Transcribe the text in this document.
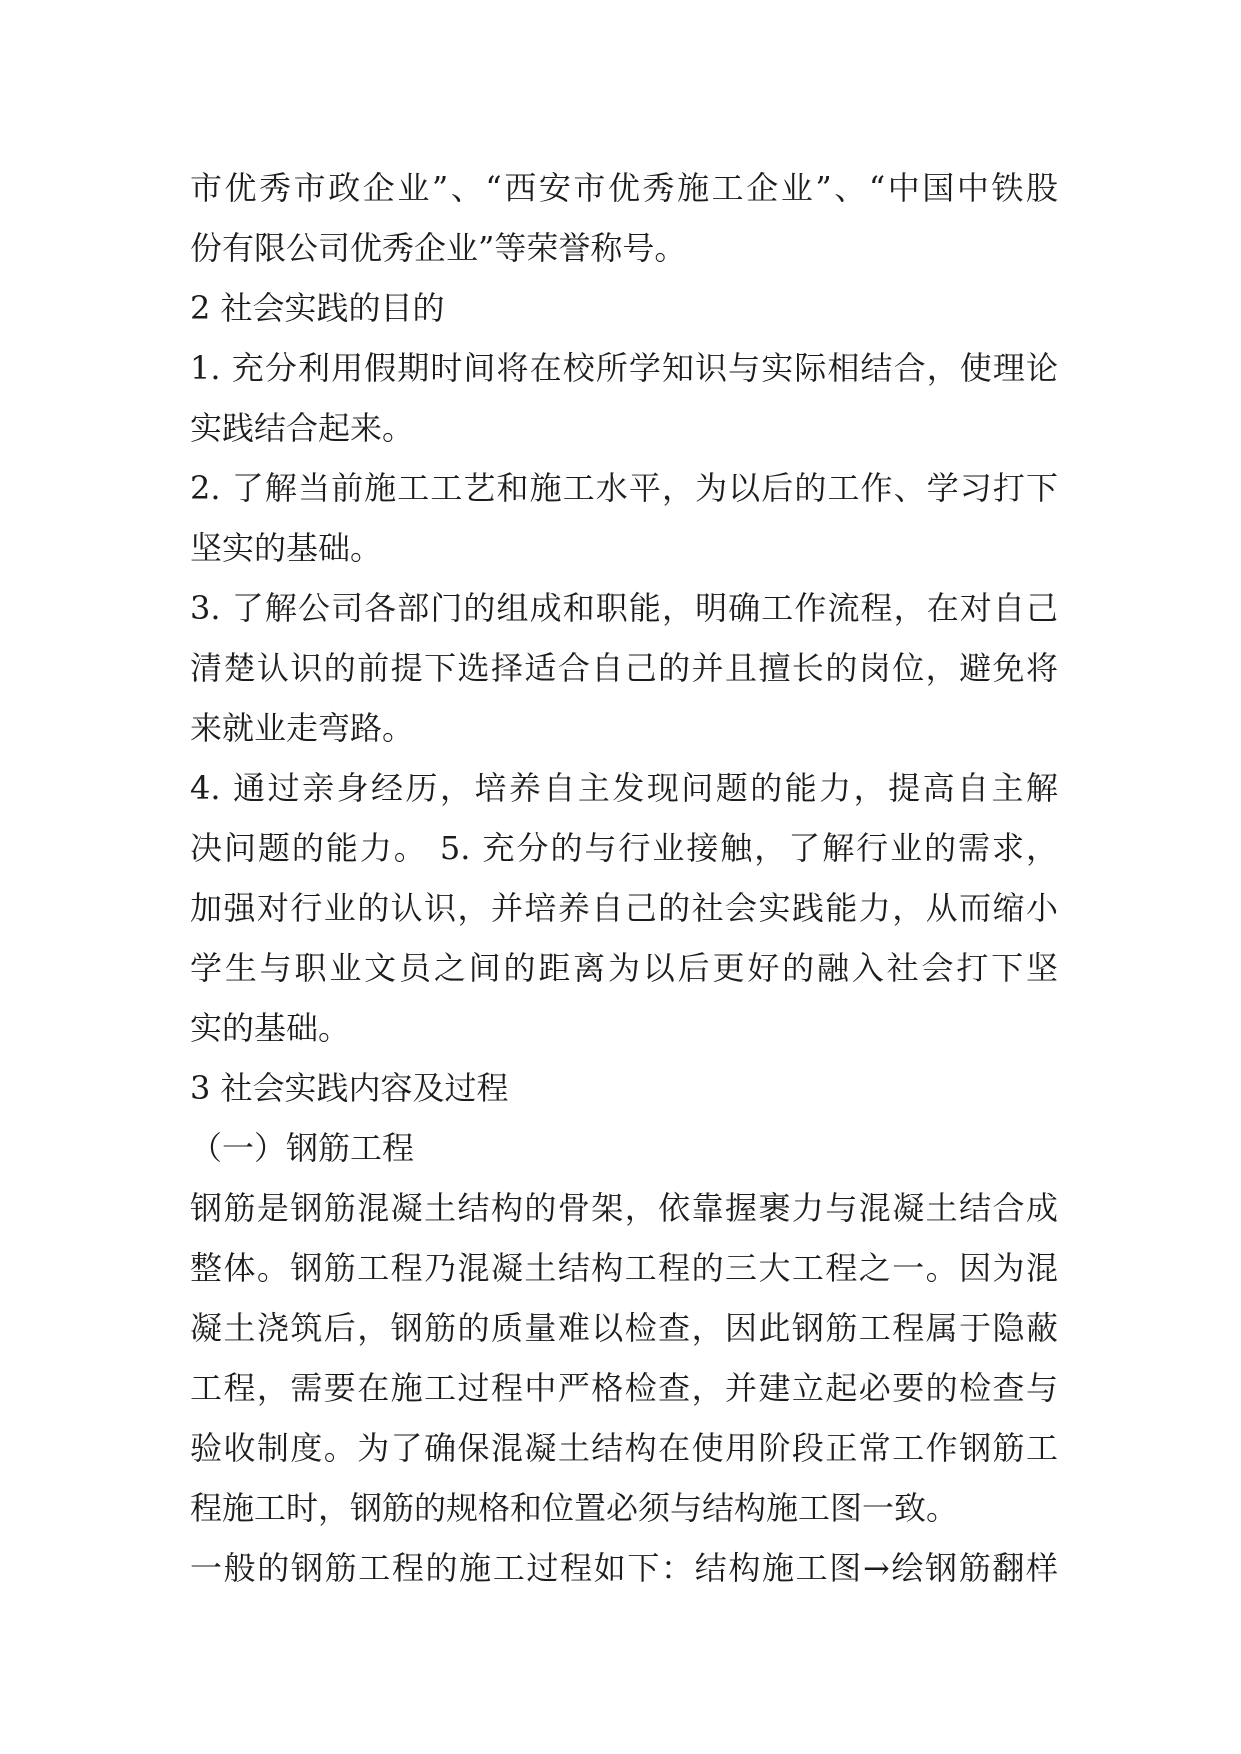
市优秀市政企业”、“西安市优秀施工企业”、“中国中铁股
份有限公司优秀企业”等荣誉称号。
2 社会实践的目的
1. 充分利用假期时间将在校所学知识与实际相结合，使理论
实践结合起来。
2. 了解当前施工工艺和施工水平，为以后的工作、学习打下
坚实的基础。
3. 了解公司各部门的组成和职能，明确工作流程，在对自己
清楚认识的前提下选择适合自己的并且擅长的岗位，避免将
来就业走弯路。
4. 通过亲身经历，培养自主发现问题的能力，提高自主解
决问题的能力。 5. 充分的与行业接触，了解行业的需求，
加强对行业的认识，并培养自己的社会实践能力，从而缩小
学生与职业文员之间的距离为以后更好的融入社会打下坚
实的基础。
3 社会实践内容及过程
（一）钢筋工程
钢筋是钢筋混凝土结构的骨架，依靠握裹力与混凝土结合成
整体。钢筋工程乃混凝土结构工程的三大工程之一。因为混
凝土浇筑后，钢筋的质量难以检查，因此钢筋工程属于隐蔽
工程，需要在施工过程中严格检查，并建立起必要的检查与
验收制度。为了确保混凝土结构在使用阶段正常工作钢筋工
程施工时，钢筋的规格和位置必须与结构施工图一致。
一般的钢筋工程的施工过程如下：结构施工图→绘钢筋翻样
